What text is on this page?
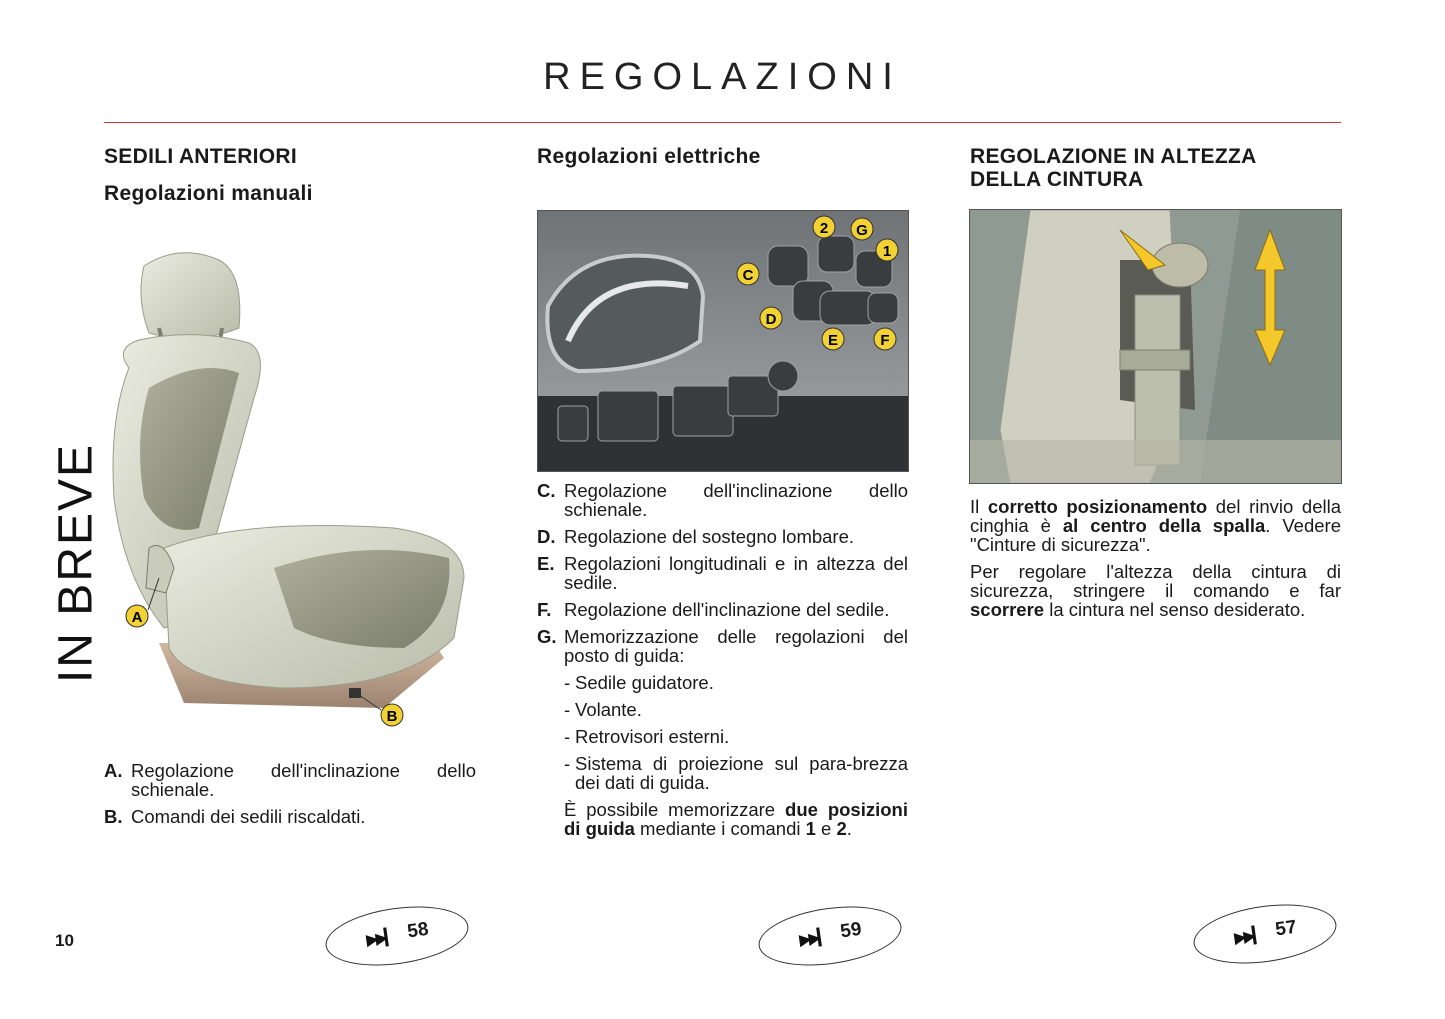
REGOLAZIONI
IN BREVE
SEDILI ANTERIORI
Regolazioni manuali
A
B
A. Regolazione dell'inclinazione dello schienale.
B. Comandi dei sedili riscaldati.
▶▶▎ 58
Regolazioni elettriche
2 G
1
C
D
E	F
C. Regolazione dell'inclinazione dello schienale.
D. Regolazione del sostegno lombare.
E. Regolazioni longitudinali e in altezza del sedile.
F. Regolazione dell'inclinazione del sedile.
G. Memorizzazione delle regolazioni del posto di guida:
- Sedile guidatore.
- Volante.
- Retrovisori esterni.
- Sistema di proiezione sul para-brezza dei dati di guida.
È possibile memorizzare due posizioni di guida mediante i comandi 1 e 2.
▶▶▎ 59
REGOLAZIONE IN ALTEZZA
DELLA CINTURA
Il corretto posizionamento del rinvio della cinghia è al centro della spalla. Vedere "Cinture di sicurezza".
Per regolare l'altezza della cintura di sicurezza, stringere il comando e far scorrere la cintura nel senso desiderato.
▶▶▎ 57
10
